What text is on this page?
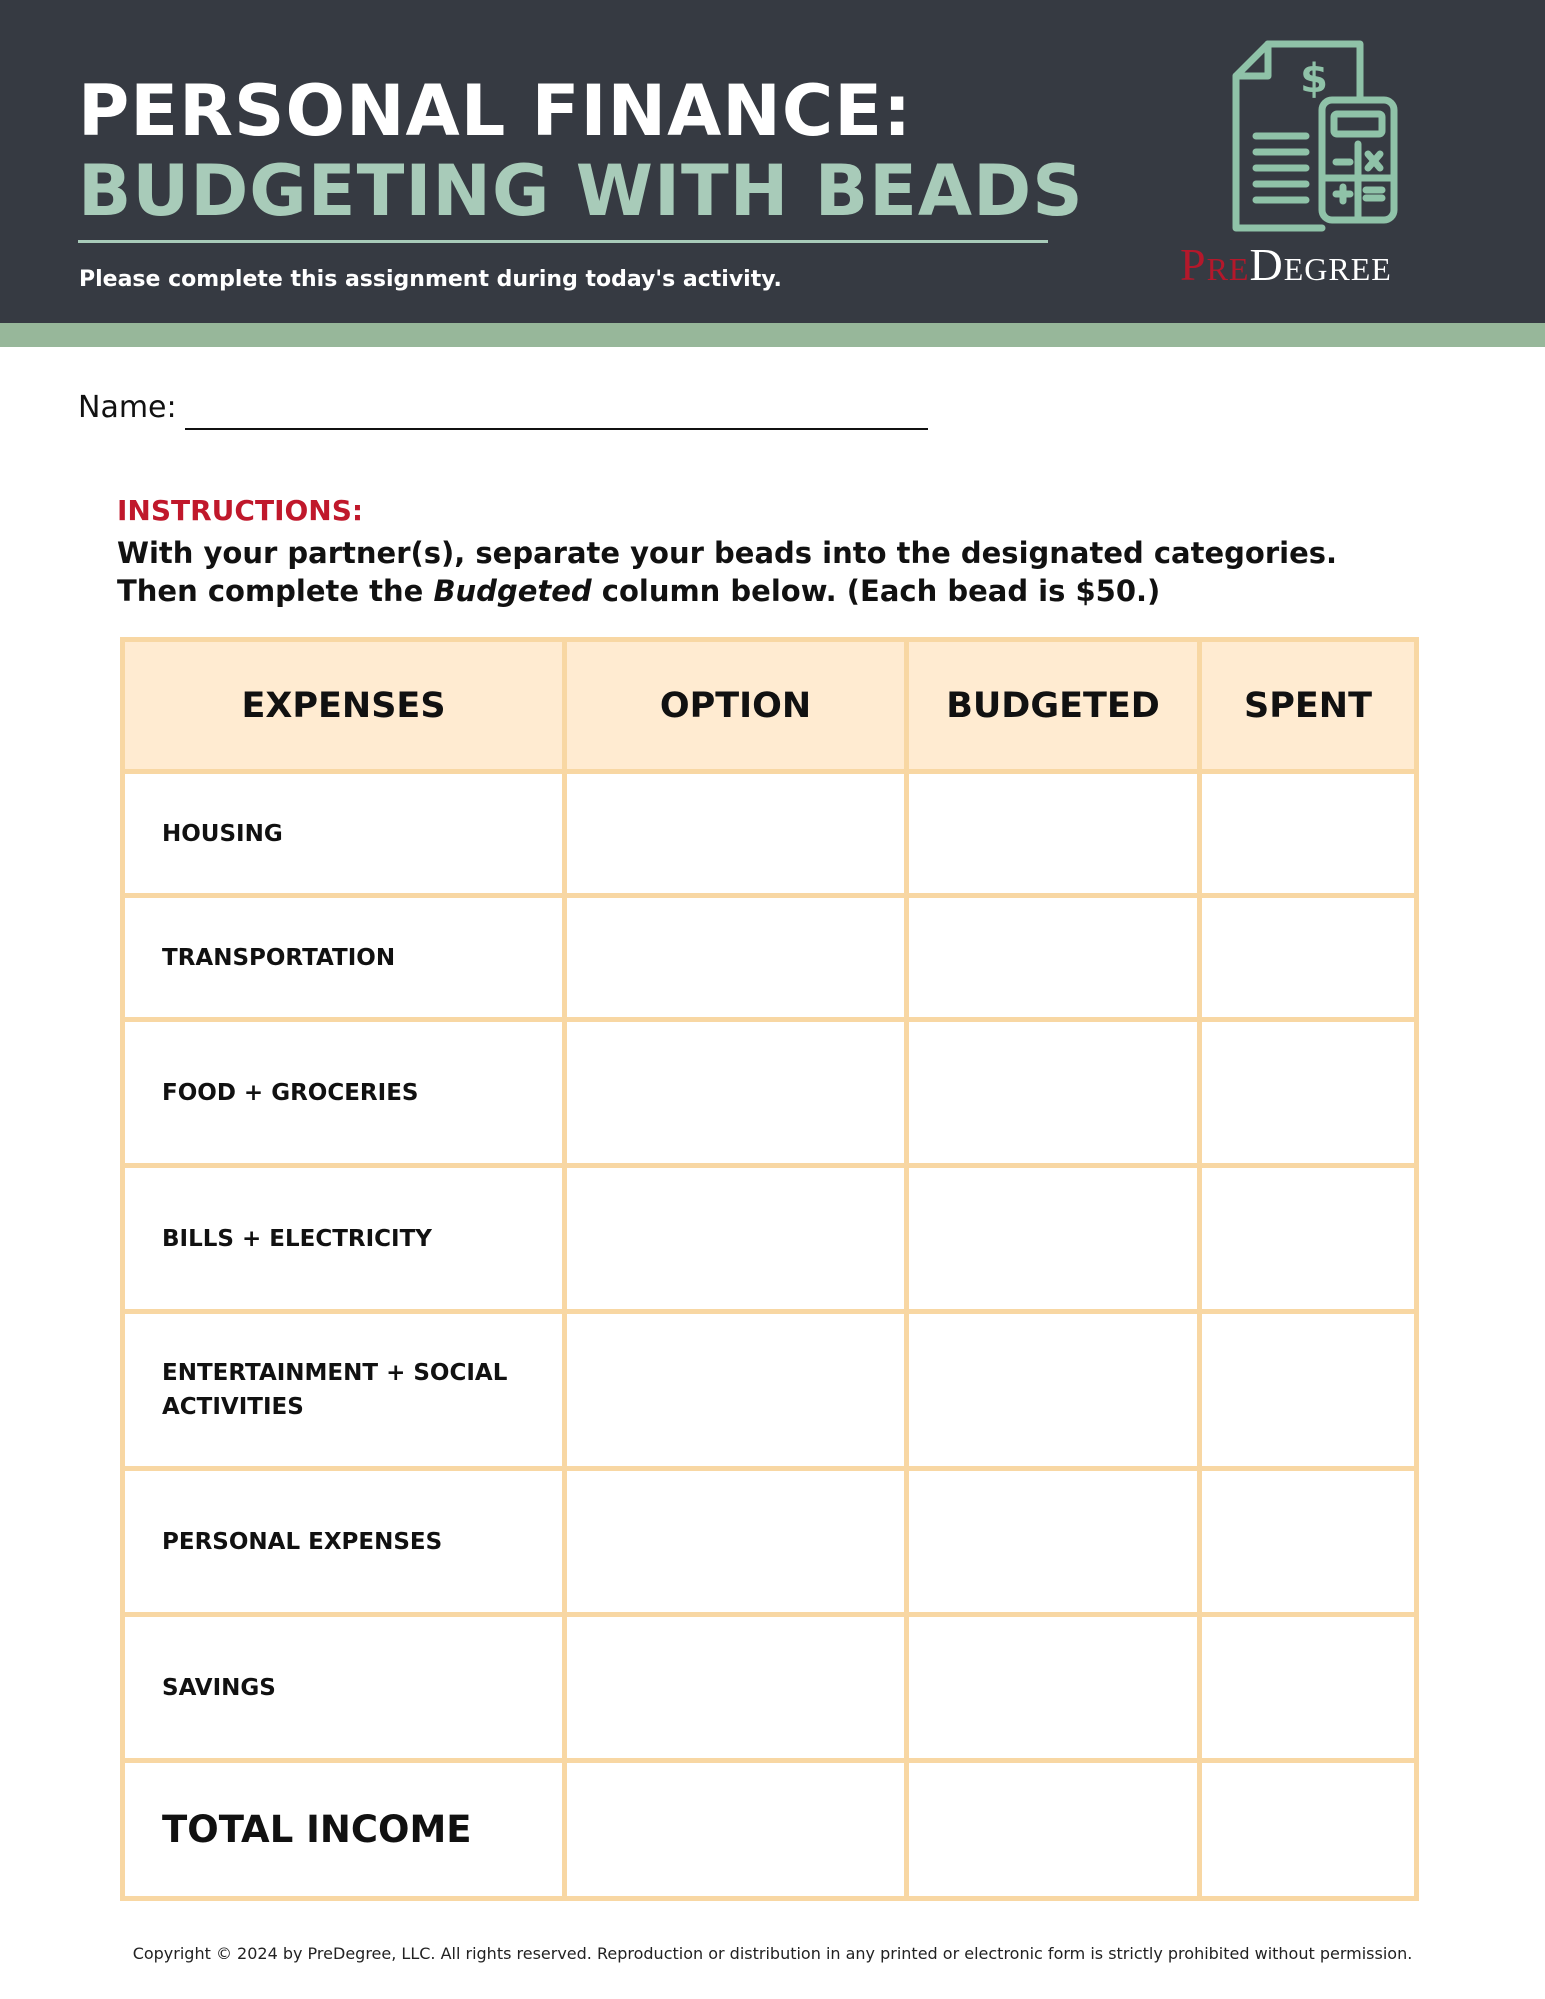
PERSONAL FINANCE:
BUDGETING WITH BEADS
Please complete this assignment during today's activity.
$
PreDegree
Name:
INSTRUCTIONS:
With your partner(s), separate your beads into the designated categories. Then complete the Budgeted column below. (Each bead is $50.)
EXPENSES	OPTION	BUDGETED	SPENT
HOUSING			
TRANSPORTATION			
FOOD + GROCERIES			
BILLS + ELECTRICITY			
ENTERTAINMENT + SOCIAL ACTIVITIES			
PERSONAL EXPENSES			
SAVINGS			
TOTAL INCOME			
Copyright © 2024 by PreDegree, LLC. All rights reserved. Reproduction or distribution in any printed or electronic form is strictly prohibited without permission.
